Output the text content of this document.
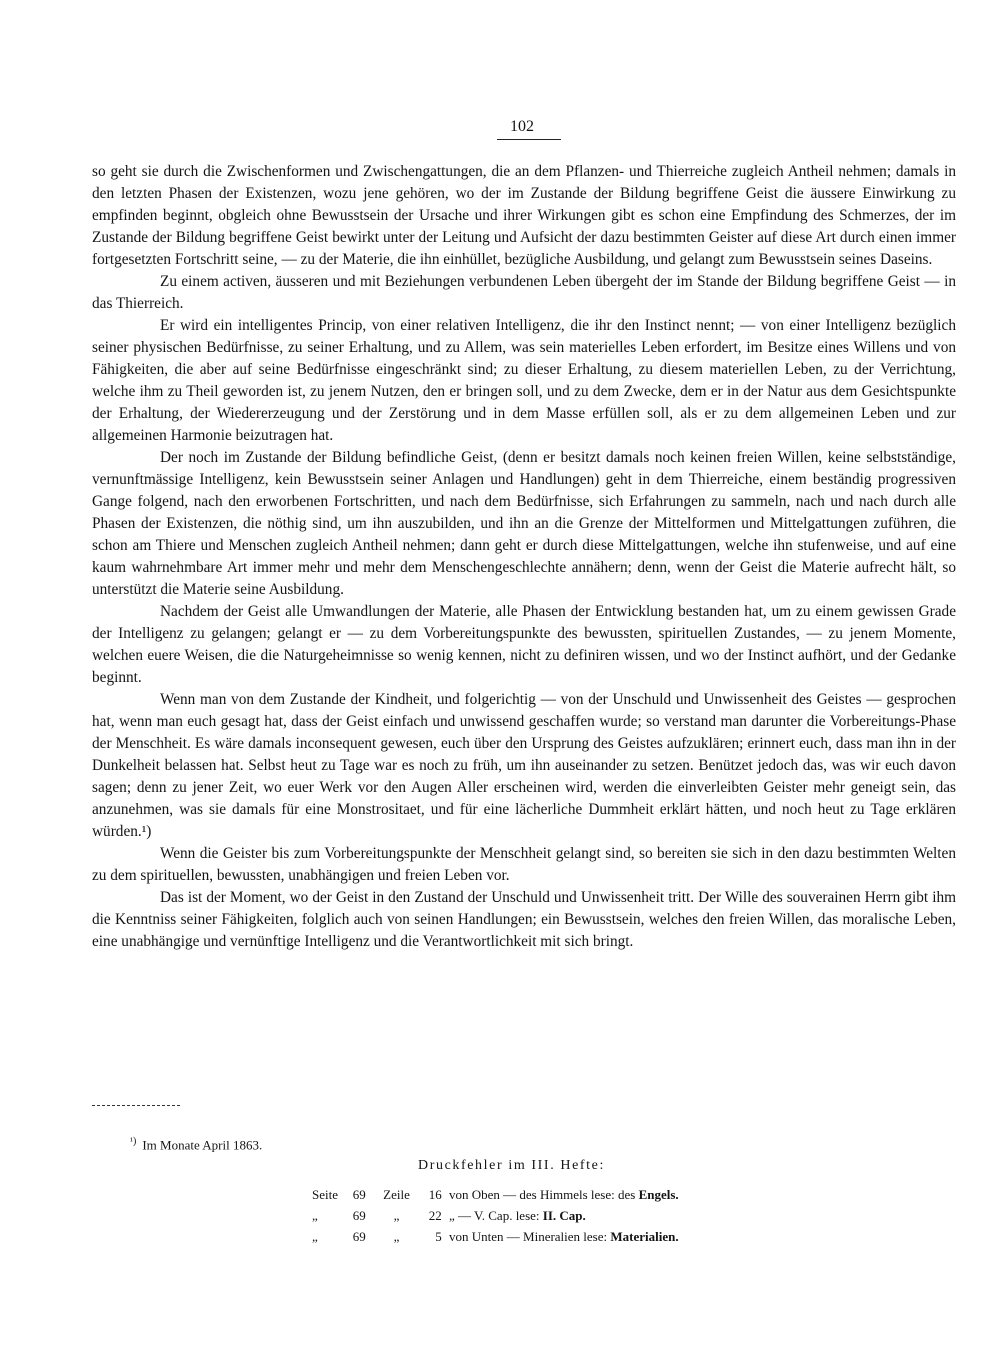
102

so geht sie durch die Zwischenformen und Zwischengattungen, die an dem Pflanzen- und Thierreiche zugleich Antheil nehmen; damals in den letzten Phasen der Existenzen, wozu jene gehören, wo der im Zustande der Bildung begriffene Geist die äussere Einwirkung zu empfinden beginnt, obgleich ohne Bewusstsein der Ursache und ihrer Wirkungen gibt es schon eine Empfindung des Schmerzes, der im Zustande der Bildung begriffene Geist bewirkt unter der Leitung und Aufsicht der dazu bestimmten Geister auf diese Art durch einen immer fortgesetzten Fortschritt seine, — zu der Materie, die ihn einhüllet, bezügliche Ausbildung, und gelangt zum Bewusstsein seines Daseins.

Zu einem activen, äusseren und mit Beziehungen verbundenen Leben übergeht der im Stande der Bildung begriffene Geist — in das Thierreich.

Er wird ein intelligentes Princip, von einer relativen Intelligenz, die ihr den Instinct nennt; — von einer Intelligenz bezüglich seiner physischen Bedürfnisse, zu seiner Erhaltung, und zu Allem, was sein materielles Leben erfordert, im Besitze eines Willens und von Fähigkeiten, die aber auf seine Bedürfnisse eingeschränkt sind; zu dieser Erhaltung, zu diesem materiellen Leben, zu der Verrichtung, welche ihm zu Theil geworden ist, zu jenem Nutzen, den er bringen soll, und zu dem Zwecke, dem er in der Natur aus dem Gesichtspunkte der Erhaltung, der Wiedererzeugung und der Zerstörung und in dem Masse erfüllen soll, als er zu dem allgemeinen Leben und zur allgemeinen Harmonie beizutragen hat.

Der noch im Zustande der Bildung befindliche Geist, (denn er besitzt damals noch keinen freien Willen, keine selbstständige, vernunftmässige Intelligenz, kein Bewusstsein seiner Anlagen und Handlungen) geht in dem Thierreiche, einem beständig progressiven Gange folgend, nach den erworbenen Fortschritten, und nach dem Bedürfnisse, sich Erfahrungen zu sammeln, nach und nach durch alle Phasen der Existenzen, die nöthig sind, um ihn auszubilden, und ihn an die Grenze der Mittelformen und Mittelgattungen zuführen, die schon am Thiere und Menschen zugleich Antheil nehmen; dann geht er durch diese Mittelgattungen, welche ihn stufenweise, und auf eine kaum wahrnehmbare Art immer mehr und mehr dem Menschengeschlechte annähern; denn, wenn der Geist die Materie aufrecht hält, so unterstützt die Materie seine Ausbildung.

Nachdem der Geist alle Umwandlungen der Materie, alle Phasen der Entwicklung bestanden hat, um zu einem gewissen Grade der Intelligenz zu gelangen; gelangt er — zu dem Vorbereitungspunkte des bewussten, spirituellen Zustandes, — zu jenem Momente, welchen euere Weisen, die die Naturgeheimnisse so wenig kennen, nicht zu definiren wissen, und wo der Instinct aufhört, und der Gedanke beginnt.

Wenn man von dem Zustande der Kindheit, und folgerichtig — von der Unschuld und Unwissenheit des Geistes — gesprochen hat, wenn man euch gesagt hat, dass der Geist einfach und unwissend geschaffen wurde; so verstand man darunter die Vorbereitungs-Phase der Menschheit. Es wäre damals inconsequent gewesen, euch über den Ursprung des Geistes aufzuklären; erinnert euch, dass man ihn in der Dunkelheit belassen hat. Selbst heut zu Tage war es noch zu früh, um ihn auseinander zu setzen. Benützet jedoch das, was wir euch davon sagen; denn zu jener Zeit, wo euer Werk vor den Augen Aller erscheinen wird, werden die einverleibten Geister mehr geneigt sein, das anzunehmen, was sie damals für eine Monstrositaet, und für eine lächerliche Dummheit erklärt hätten, und noch heut zu Tage erklären würden.¹)

Wenn die Geister bis zum Vorbereitungspunkte der Menschheit gelangt sind, so bereiten sie sich in den dazu bestimmten Welten zu dem spirituellen, bewussten, unabhängigen und freien Leben vor.

Das ist der Moment, wo der Geist in den Zustand der Unschuld und Unwissenheit tritt. Der Wille des souverainen Herrn gibt ihm die Kenntniss seiner Fähigkeiten, folglich auch von seinen Handlungen; ein Bewusstsein, welches den freien Willen, das moralische Leben, eine unabhängige und vernünftige Intelligenz und die Verantwortlichkeit mit sich bringt.

$^{^1)}$ Im Monate April 1863.
Druckfehler im III. Hefte:
Seite 69 Zeile 16 von Oben — des Himmels lese: des Engels.
„	69 „ 22 „ — V. Cap. lese: II. Cap.
„	69 „	5 von Unten — Mineralien lese: Materialien.
